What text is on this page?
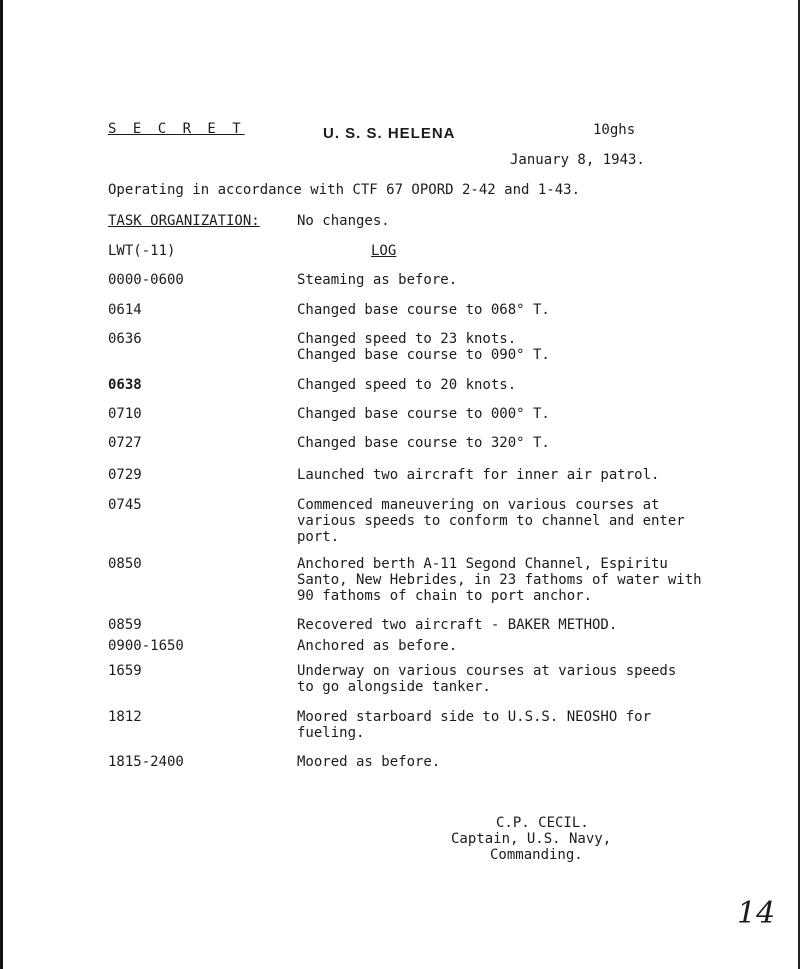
S E C R E T	U. S. S. HELENA	10ghs
January 8, 1943.
Operating in accordance with CTF 67 OPORD 2-42 and 1-43.
TASK ORGANIZATION:	No changes.
LWT(-11)	LOG
0000-0600	Steaming as before.
0614	Changed base course to 068° T.
0636	Changed speed to 23 knots.
Changed base course to 090° T.
0638	Changed speed to 20 knots.
0710	Changed base course to 000° T.
0727	Changed base course to 320° T.
0729	Launched two aircraft for inner air patrol.
0745	Commenced maneuvering on various courses at
various speeds to conform to channel and enter
port.
0850	Anchored berth A-11 Segond Channel, Espiritu
Santo, New Hebrides, in 23 fathoms of water with
90 fathoms of chain to port anchor.
0859	Recovered two aircraft - BAKER METHOD.
0900-1650	Anchored as before.
1659	Underway on various courses at various speeds
to go alongside tanker.
1812	Moored starboard side to U.S.S. NEOSHO for
fueling.
1815-2400	Moored as before.
C.P. CECIL.
Captain, U.S. Navy,
Commanding.
14
